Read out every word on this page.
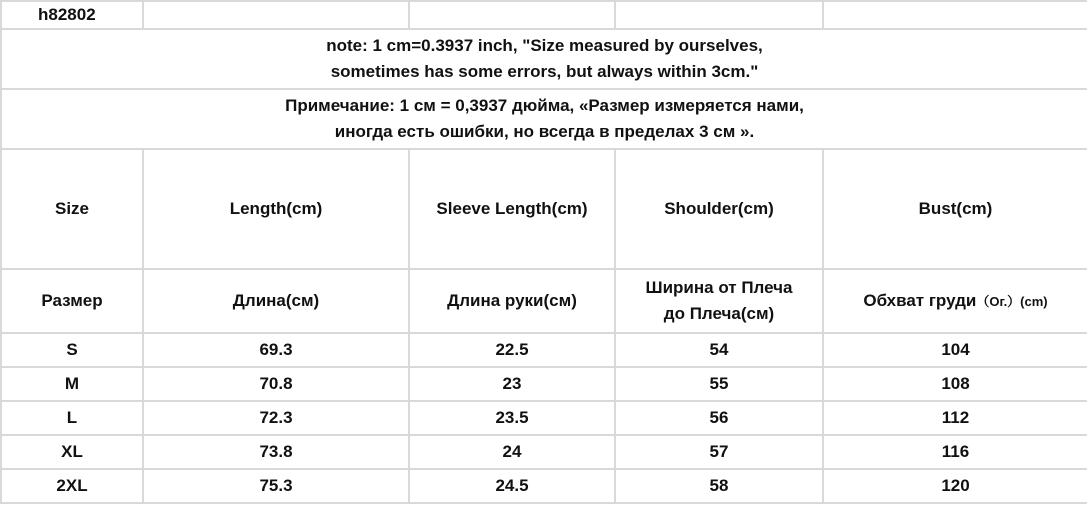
h82802				

note: 1 cm=0.3937 inch, "Size measured by ourselves,
sometimes has some errors, but always within 3cm."				

Примечание: 1 см = 0,3937 дюйма, «Размер измеряется нами,
иногда есть ошибки, но всегда в пределах 3 см ».				

Size	Length(cm)	Sleeve Length(cm)	Shoulder(cm)	Bust(cm)
Размер	Длина(см)	Длина руки(см)	Ширина от Плеча
до Плеча(см)	Обхват груди（Ог.）(cm)
S	69.3	22.5	54	104
M	70.8	23	55	108
L	72.3	23.5	56	112
XL	73.8	24	57	116
2XL	75.3	24.5	58	120
